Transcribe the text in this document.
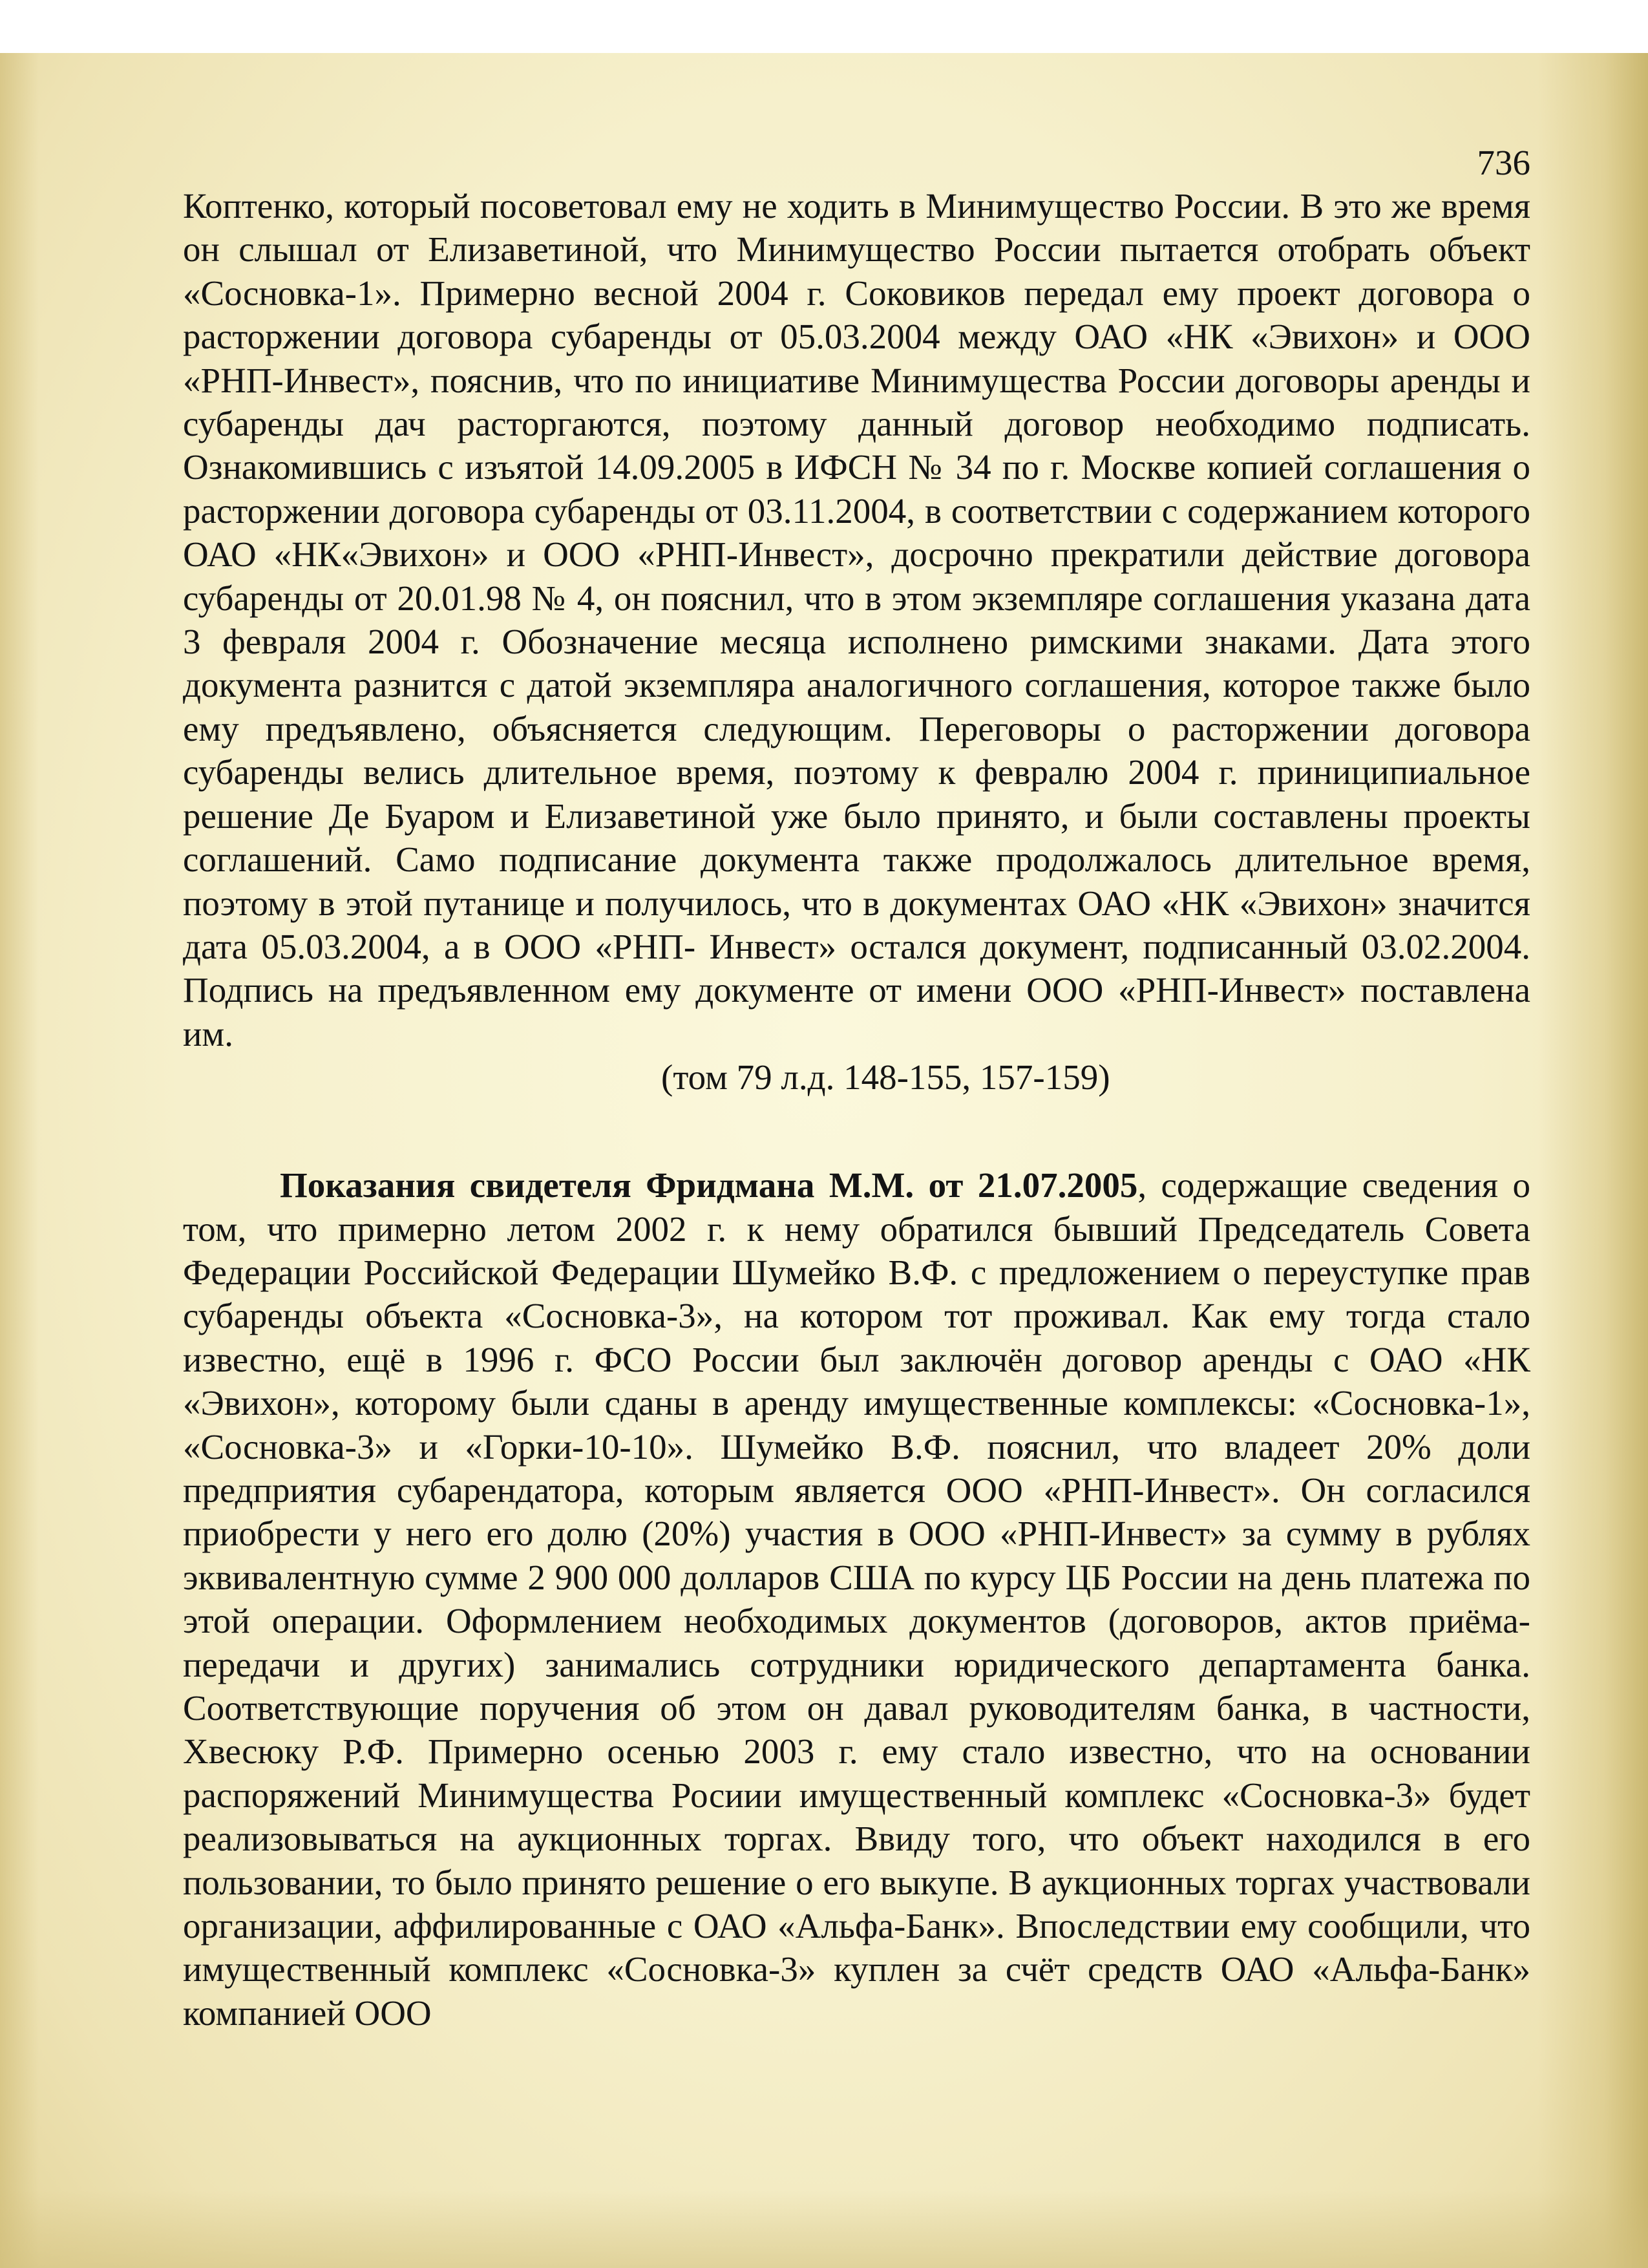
736

Коптенко, который посоветовал ему не ходить в Минимущество России. В это же время он слышал от Елизаветиной, что Минимущество России пытается отобрать объект «Сосновка-1». Примерно весной 2004 г. Соковиков передал ему проект договора о расторжении договора субаренды от 05.03.2004 между ОАО «НК «Эвихон» и ООО «РНП-Инвест», пояснив, что по инициативе Минимущества России договоры аренды и субаренды дач расторгаются, поэтому данный договор необходимо подписать. Ознакомившись с изъятой 14.09.2005 в ИФСН № 34 по г. Москве копией соглашения о расторжении договора субаренды от 03.11.2004, в соответствии с содержанием которого ОАО «НК«Эвихон» и ООО «РНП-Инвест», досрочно прекратили действие договора субаренды от 20.01.98 № 4, он пояснил, что в этом экземпляре соглашения указана дата 3 февраля 2004 г. Обозначение месяца исполнено римскими знаками. Дата этого документа разнится с датой экземпляра аналогичного соглашения, которое также было ему предъявлено, объясняется следующим. Переговоры о расторжении договора субаренды велись длительное время, поэтому к февралю 2004 г. приниципиальное решение Де Буаром и Елизаветиной уже было принято, и были составлены проекты соглашений. Само подписание документа также продолжалось длительное время, поэтому в этой путанице и получилось, что в документах ОАО «НК «Эвихон» значится дата 05.03.2004, а в ООО «РНП- Инвест» остался документ, подписанный 03.02.2004. Подпись на предъявленном ему документе от имени ООО «РНП-Инвест» поставлена им.

(том 79 л.д. 148-155, 157-159)

Показания свидетеля Фридмана М.М. от 21.07.2005, содержащие сведения о том, что примерно летом 2002 г. к нему обратился бывший Председатель Совета Федерации Российской Федерации Шумейко В.Ф. с предложением о переуступке прав субаренды объекта «Сосновка-3», на котором тот проживал. Как ему тогда стало известно, ещё в 1996 г. ФСО России был заключён договор аренды с ОАО «НК «Эвихон», которому были сданы в аренду имущественные комплексы: «Сосновка-1», «Сосновка-3» и «Горки-10-10». Шумейко В.Ф. пояснил, что владеет 20% доли предприятия субарендатора, которым является ООО «РНП-Инвест». Он согласился приобрести у него его долю (20%) участия в ООО «РНП-Инвест» за сумму в рублях эквивалентную сумме 2 900 000 долларов США по курсу ЦБ России на день платежа по этой операции. Оформлением необходимых документов (договоров, актов приёма-передачи и других) занимались сотрудники юридического департамента банка. Соответствующие поручения об этом он давал руководителям банка, в частности, Хвесюку Р.Ф. Примерно осенью 2003 г. ему стало известно, что на основании распоряжений Минимущества Росиии имущественный комплекс «Сосновка-3» будет реализовываться на аукционных торгах. Ввиду того, что объект находился в его пользовании, то было принято решение о его выкупе. В аукционных торгах участвовали организации, аффилированные с ОАО «Альфа-Банк». Впоследствии ему сообщили, что имущественный комплекс «Сосновка-3» куплен за счёт средств ОАО «Альфа-Банк» компанией ООО
